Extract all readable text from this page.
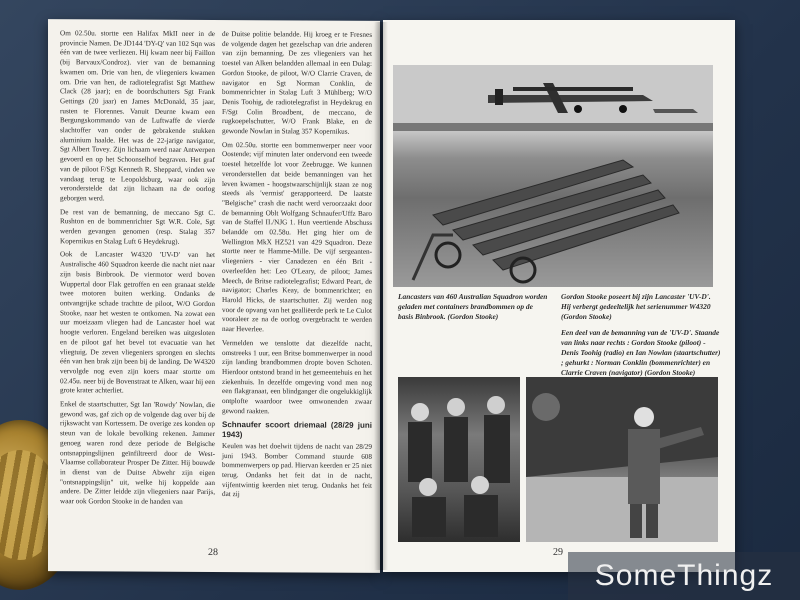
Om 02.50u. stortte een Halifax MkII neer in de provincie Namen. De JD144 'DY-Q' van 102 Sqn was één van de twee verliezen. Hij kwam neer bij Faillon (bij Barvaux/Condroz). vier van de bemanning kwamen om. Drie van hen, de vliegeniers kwamen om. Drie van hen, de radiotelegrafist Sgt Matthew Clack (28 jaar); en de boordschutters Sgt Frank Gettings (20 jaar) en James McDonald, 35 jaar, rusten te Florennes. Vanuit Deurne kwam een Bergungskommando van de Luftwaffe de vierde slachtoffer van onder de gebrakende stukken aluminium haalde. Het was de 22-jarige navigator, Sgt Albert Tovey. Zijn lichaam werd naar Antwerpen gevoerd en op het Schoonselhof begraven. Het graf van de piloot F/Sgt Kenneth R. Sheppard, vinden we vandaag terug te Leopoldsburg, waar ook zijn veronderstelde dat zijn lichaam na de oorlog geborgen werd.

De rest van de bemanning, de meccano Sgt C. Rushton en de bommenrichter Sgt W.R. Cole, Sgt werden gevangen genomen (resp. Stalag 357 Kopernikus en Stalag Luft 6 Heydekrug).

Ook de Lancaster W4320 'UV-D' van het Australische 460 Squadron keerde die nacht niet naar zijn basis Binbrook. De viermotor werd boven Wuppertal door Flak getroffen en een granaat stelde twee motoren buiten werking. Ondanks de ontvangrijke schade trachtte de piloot, W/O Gordon Stooke, naar het westen te ontkomen. Na zowat een uur moeizaam vliegen had de Lancaster hoel wat hoogte verloren. Engeland bereiken was uitgesloten en de piloot gaf het bevel tot evacuatie van het vliegtuig. De zeven vliegeniers sprongen en slechts één van hen brak zijn been bij de landing. De W4320 vervolgde nog even zijn koers maar stortte om 02.45u. neer bij de Bovenstraat te Alken, waar hij een grote krater achterliet.

Enkel de staartschutter, Sgt Ian 'Rowdy' Nowlan, die gewond was, gaf zich op de volgende dag over bij de rijkswacht van Kortessem. De overige zes konden op steun van de lokale bevolking rekenen. Jammer genoeg waren rond deze periode de Belgische ontsnappingslijnen geïnfiltreerd door de West-Vlaamse collaborateur Prosper De Zitter. Hij bouwde in dienst van de Duitse Abwehr zijn eigen "ontsnappingslijn" uit, welke hij koppelde aan andere. De Zitter leidde zijn vliegeniers naar Parijs, waar ook Gordon Stooke in de handen van

de Duitse politie belandde. Hij kroeg er te Fresnes de volgende dagen het gezelschap van drie anderen van zijn bemanning. De zes vliegeniers van het toestel van Alken belandden allemaal in een Dulag: Gordon Stooke, de piloot, W/O Clarrie Craven, de navigator en Sgt Norman Conklin, de bommenrichter in Stalag Luft 3 Mühlberg; W/O Denis Toohig, de radiotelegrafist in Heydekrug en F/Sgt Colin Broadbent, de meccano, de rugkoepelschutter, W/O Frank Blake, en de gewonde Nowlan in Stalag 357 Kopernikus.

Om 02.50u. stortte een bommenwerper neer voor Oostende; vijf minuten later ondervond een tweede toestel hetzelfde lot voor Zeebrugge. We kunnen veronderstellen dat beide bemanningen van het leven kwamen - hoogstwaarschijnlijk staan ze nog steeds als 'vermist' gerapporteerd. De laatste "Belgische" crash die nacht werd veroorzaakt door de bemanning Oblt Wolfgang Schnaufer/Uffz Baro van de Staffel II./NJG 1. Hun veertiende Abschuss belandde om 02.58u. Het ging hier om de Wellington MkX HZ521 van 429 Squadron. Deze stortte neer te Hamme-Mille. De vijf sergeanten-vliegeniers - vier Canadezen en één Brit - overleefden het: Leo O'Leary, de piloot; James Meech, de Britse radiotelegrafist; Edward Peart, de navigator; Charles Keay, de bommenrichter; en Harold Hicks, de staartschutter. Zij werden nog voor de opvang van het gealliëerde perk te Le Culot vooraleer ze na de oorlog overgebracht te werden naar Heverlee.

Vermelden we tenslotte dat diezelfde nacht, omstreeks 1 uur, een Britse bommenwerper in nood zijn landing brandbommen dropte boven Schoten. Hierdoor ontstond brand in het gemeentehuis en het ziekenhuis. In dezelfde omgeving vond men nog een flakgranaat, een blindganger die ongelukkiglijk ontplofte waardoor twee omwonenden zwaar gewond raakten.

Schnaufer scoort driemaal (28/29 juni 1943)

Keulen was het doelwit tijdens de nacht van 28/29 juni 1943. Bomber Command stuurde 608 bommenwerpers op pad. Hiervan keerden er 25 niet terug. Ondanks het feit dat in de nacht, vijfentwintig keerden niet terug. Ondanks het feit dat zij

28
Lancasters van 460 Australian Squadron worden geladen met containers brandbommen op de basis Binbrook. (Gordon Stooke)
Gordon Stooke poseert bij zijn Lancaster 'UV-D'. Hij verbergt gedeeltelijk het serienummer W4320 (Gordon Stooke)
Een deel van de bemanning van de 'UV-D'. Staande van links naar rechts : Gordon Stooke (piloot) - Denis Toohig (radio) en Ian Nowlan (staartschutter) ; gehurkt : Norman Conklin (bommenrichter) en Clarrie Craven (navigator) (Gordon Stooke)
29
SomeThingz
